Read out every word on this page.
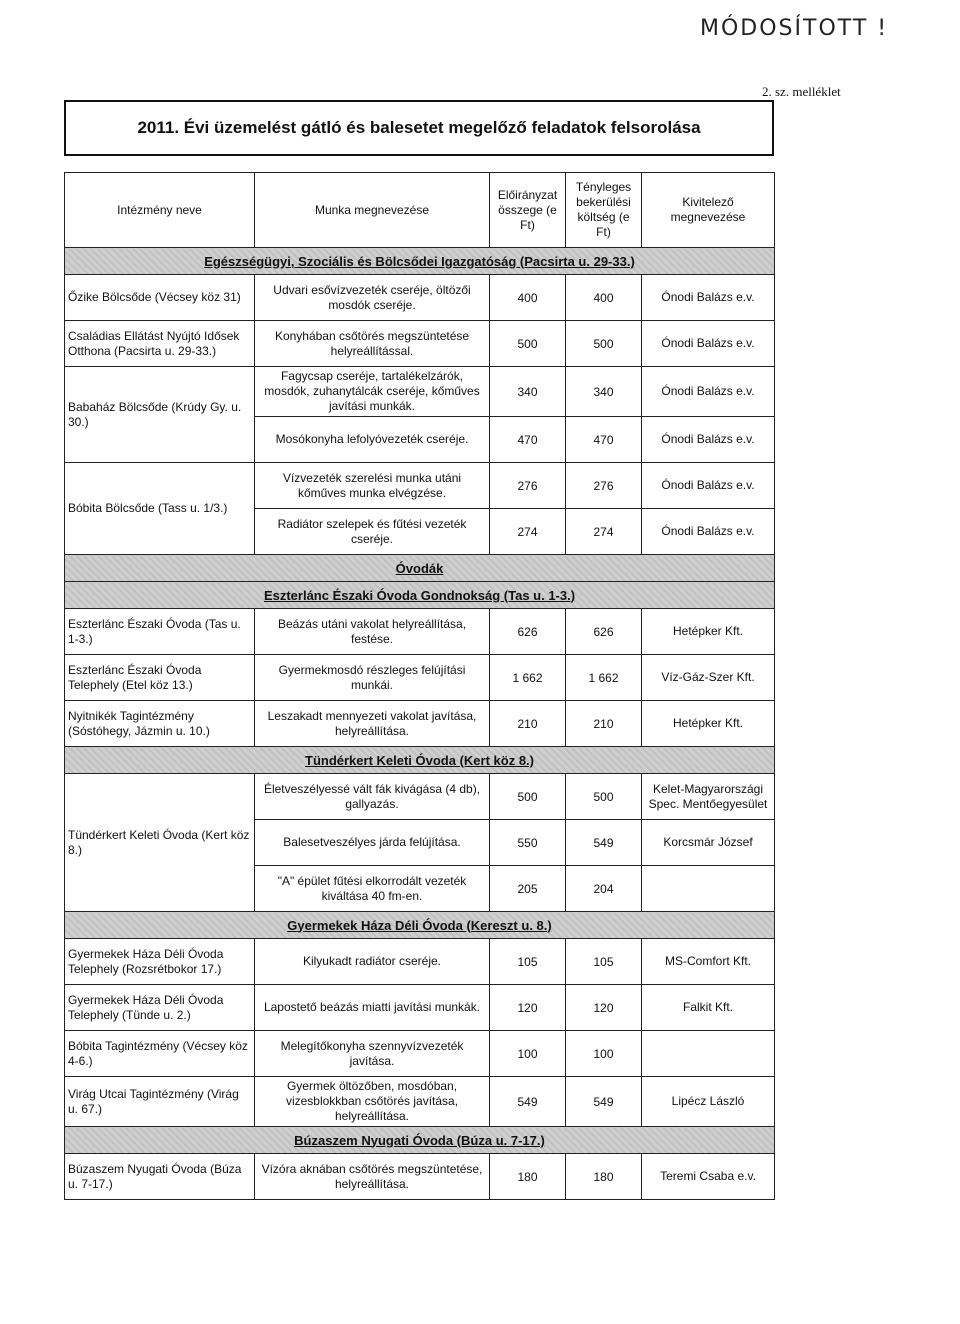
MÓDOSÍTOTT !
2. sz. melléklet
2011. Évi üzemelést gátló és balesetet megelőző feladatok felsorolása
Intézmény neve	Munka megnevezése	Előirányzat összege (e Ft)	Tényleges bekerülési költség (e Ft)	Kivitelező megnevezése
Egészségügyi, Szociális és Bölcsődei Igazgatóság (Pacsirta u. 29-33.)				
Őzike Bölcsőde (Vécsey köz 31)	Udvari esővízvezeték cseréje, öltözői mosdók cseréje.	400	400	Ónodi Balázs e.v.
Családias Ellátást Nyújtó Idősek Otthona (Pacsirta u. 29-33.)	Konyhában csőtörés megszüntetése helyreállítással.	500	500	Ónodi Balázs e.v.
Babaház Bölcsőde (Krúdy Gy. u. 30.)	Fagycsap cseréje, tartalékelzárók, mosdók, zuhanytálcák cseréje, kőműves javítási munkák.	340	340	Ónodi Balázs e.v.
	Mosókonyha lefolyóvezeték cseréje.	470	470	Ónodi Balázs e.v.
Bóbita Bölcsőde (Tass u. 1/3.)	Vízvezeték szerelési munka utáni kőműves munka elvégzése.	276	276	Ónodi Balázs e.v.
	Radiátor szelepek és fűtési vezeték cseréje.	274	274	Ónodi Balázs e.v.
Óvodák				
Eszterlánc Északi Óvoda Gondnokság (Tas u. 1-3.)				
Eszterlánc Északi Óvoda (Tas u. 1-3.)	Beázás utáni vakolat helyreállítása, festése.	626	626	Hetépker Kft.
Eszterlánc Északi Óvoda Telephely (Etel köz 13.)	Gyermekmosdó részleges felújítási munkái.	1 662	1 662	Víz-Gáz-Szer Kft.
Nyitnikék Tagintézmény (Sóstóhegy, Jázmin u. 10.)	Leszakadt mennyezeti vakolat javítása, helyreállítása.	210	210	Hetépker Kft.
Tündérkert Keleti Óvoda (Kert köz 8.)				
Tündérkert Keleti Óvoda (Kert köz 8.)	Életveszélyessé vált fák kivágása (4 db), gallyazás.	500	500	Kelet-Magyarországi Spec. Mentőegyesület
	Balesetveszélyes járda felújítása.	550	549	Korcsmár József
	"A" épület fűtési elkorrodált vezeték kiváltása 40 fm-en.	205	204	
Gyermekek Háza Déli Óvoda (Kereszt u. 8.)				
Gyermekek Háza Déli Óvoda Telephely (Rozsrétbokor 17.)	Kilyukadt radiátor cseréje.	105	105	MS-Comfort Kft.
Gyermekek Háza Déli Óvoda Telephely (Tünde u. 2.)	Lapostető beázás miatti javítási munkák.	120	120	Falkit Kft.
Bóbita Tagintézmény (Vécsey köz 4-6.)	Melegítőkonyha szennyvízvezeték javítása.	100	100	
Virág Utcai Tagintézmény (Virág u. 67.)	Gyermek öltözőben, mosdóban, vizesblokkban csőtörés javítása, helyreállítása.	549	549	Lipécz László
Búzaszem Nyugati Óvoda (Búza u. 7-17.)				
Búzaszem Nyugati Óvoda (Búza u. 7-17.)	Vízóra aknában csőtörés megszüntetése, helyreállítása.	180	180	Teremi Csaba e.v.
